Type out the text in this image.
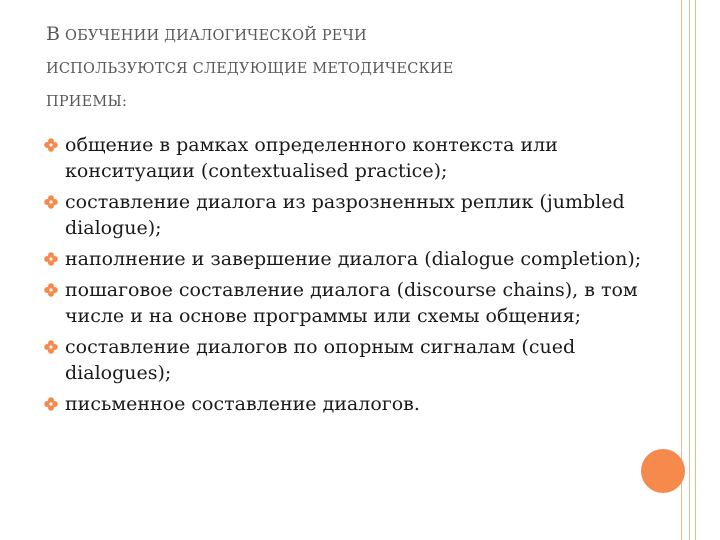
В ОБУЧЕНИИ ДИАЛОГИЧЕСКОЙ РЕЧИ
ИСПОЛЬЗУЮТСЯ СЛЕДУЮЩИЕ МЕТОДИЧЕСКИЕ
ПРИЕМЫ:
общение в рамках определенного контекста или конситуации (contextualised practice);
составление диалога из разрозненных реплик (jumbled dialogue);
наполнение и завершение диалога (dialogue completion);
пошаговое составление диалога (discourse chains), в том числе и на основе программы или схемы общения;
составление диалогов по опорным сигналам (cued dialogues);
письменное составление диалогов.
